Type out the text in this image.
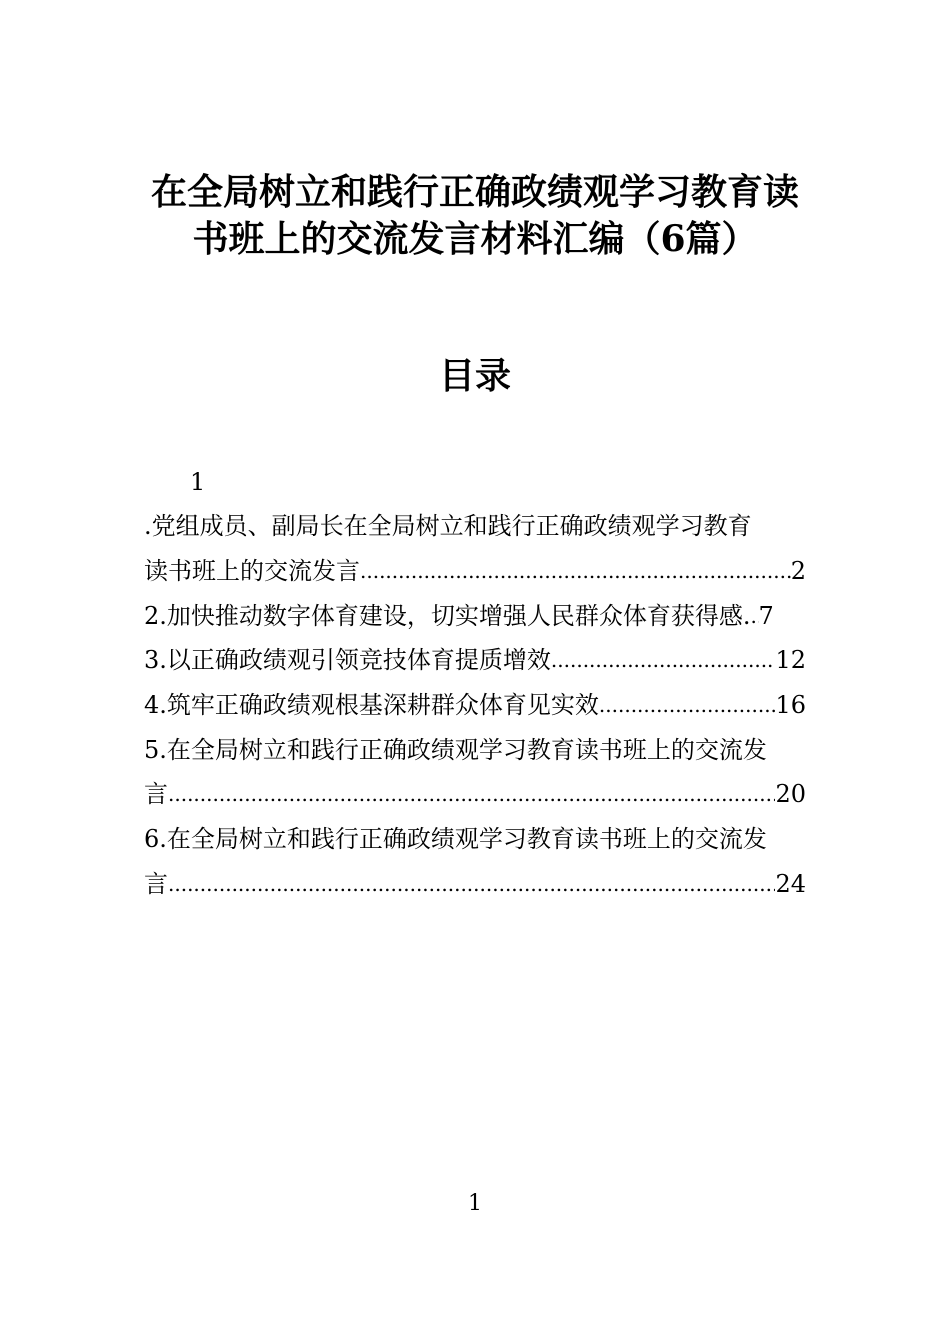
在全局树立和践行正确政绩观学习教育读
书班上的交流发言材料汇编（6篇）
目录
1
.党组成员、副局长在全局树立和践行正确政绩观学习教育
读书班上的交流发言 .....	2
2.加快推动数字体育建设，切实增强人民群众体育获得感. ..... 7
3.以正确政绩观引领竞技体育提质增效 .....	12
4.筑牢正确政绩观根基深耕群众体育见实效 .....	16
5.在全局树立和践行正确政绩观学习教育读书班上的交流发
言 .....	20
6.在全局树立和践行正确政绩观学习教育读书班上的交流发
言 .....	24
1
